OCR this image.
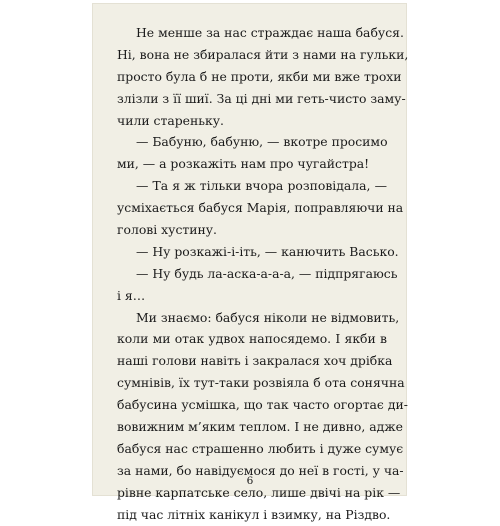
Не менше за нас страждає наша бабуся.
Ні, вона не збиралася йти з нами на гульки,
просто була б не проти, якби ми вже трохи
злізли з її шиї. За ці дні ми геть-чисто заму-
чили стареньку.
— Бабуню, бабуню, — вкотре просимо
ми, — а розкажіть нам про чугайстра!
— Та я ж тільки вчора розповідала, —
усміхається бабуся Марія, поправляючи на
голові хустину.
— Ну розкажі-і-іть, — канючить Васько.
— Ну будь ла-аска-а-а-а, — підпрягаюсь
і я…
Ми знаємо: бабуся ніколи не відмовить,
коли ми отак удвох напосядемо. І якби в
наші голови навіть і закралася хоч дрібка
сумнівів, їх тут-таки розвіяла б ота сонячна
бабусина усмішка, що так часто огортає ди-
вовижним м’яким теплом. І не дивно, адже
бабуся нас страшенно любить і дуже сумує
за нами, бо навідуємося до неї в гості, у ча-
рівне карпатське село, лише двічі на рік —
під час літніх канікул і взимку, на Різдво.
6
